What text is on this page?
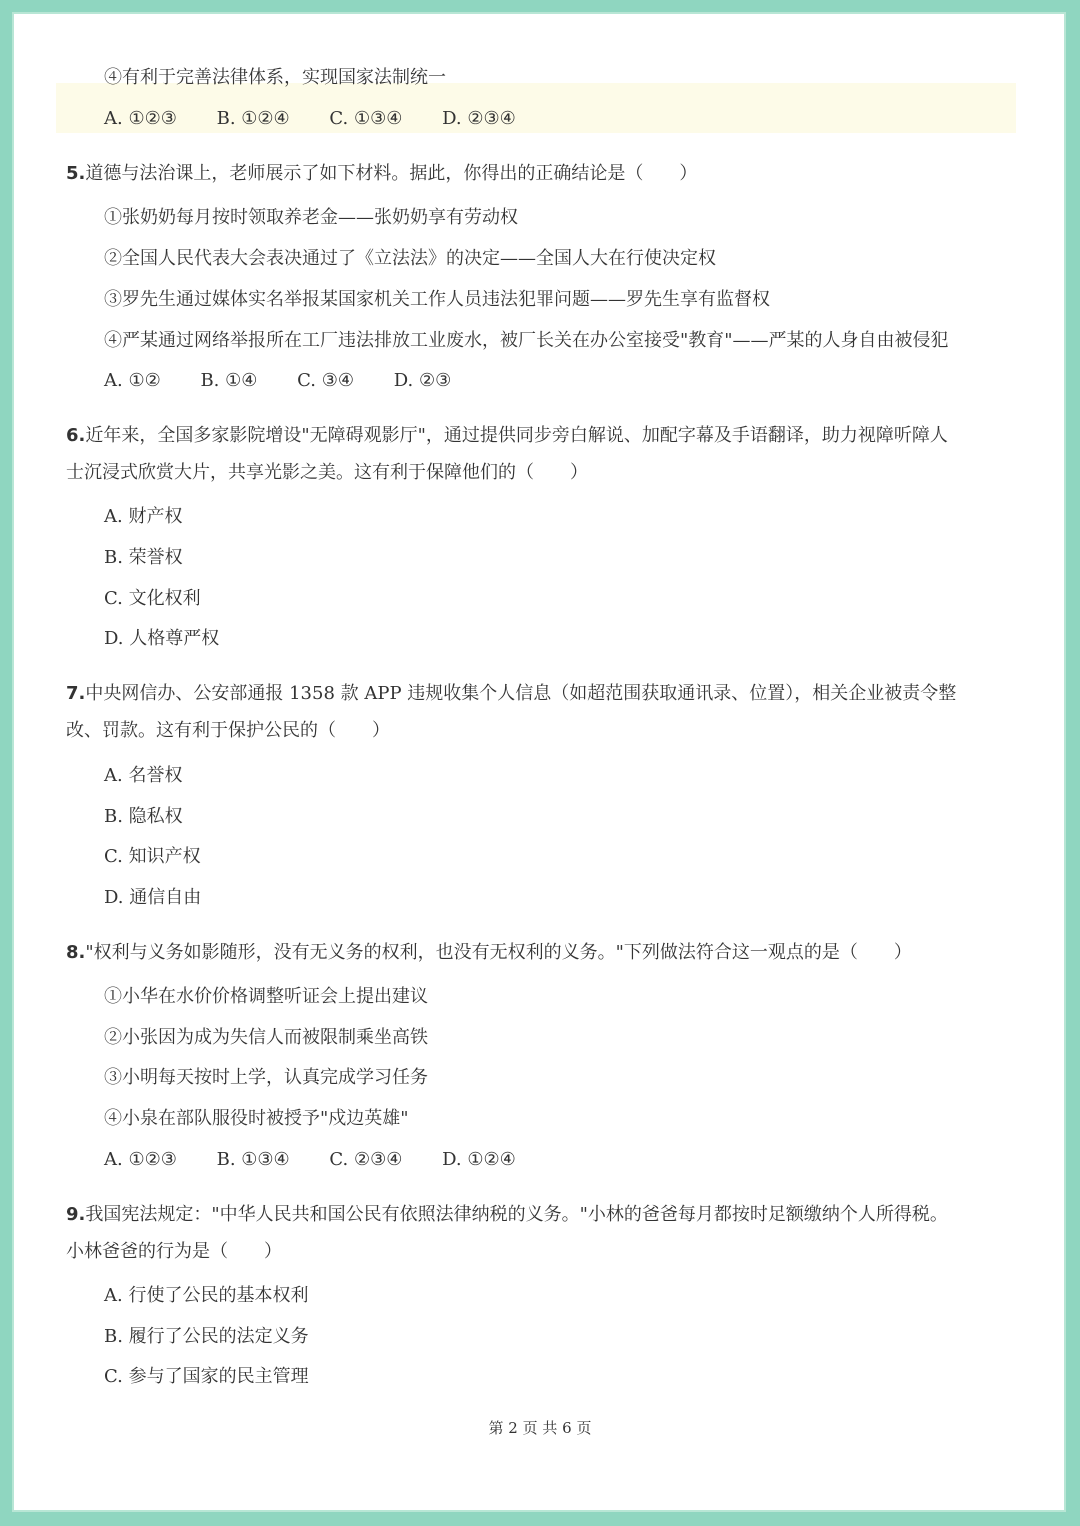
④有利于完善法律体系，实现国家法制统一
A. ①②③ B. ①②④ C. ①③④ D. ②③④
5.道德与法治课上，老师展示了如下材料。据此，你得出的正确结论是（　　）
①张奶奶每月按时领取养老金——张奶奶享有劳动权
②全国人民代表大会表决通过了《立法法》的决定——全国人大在行使决定权
③罗先生通过媒体实名举报某国家机关工作人员违法犯罪问题——罗先生享有监督权
④严某通过网络举报所在工厂违法排放工业废水，被厂长关在办公室接受"教育"——严某的人身自由被侵犯
A. ①② B. ①④ C. ③④ D. ②③
6.近年来，全国多家影院增设"无障碍观影厅"，通过提供同步旁白解说、加配字幕及手语翻译，助力视障听障人
士沉浸式欣赏大片，共享光影之美。这有利于保障他们的（　　）
A. 财产权
B. 荣誉权
C. 文化权利
D. 人格尊严权
7.中央网信办、公安部通报 1358 款 APP 违规收集个人信息（如超范围获取通讯录、位置），相关企业被责令整
改、罚款。这有利于保护公民的（　　）
A. 名誉权
B. 隐私权
C. 知识产权
D. 通信自由
8."权利与义务如影随形，没有无义务的权利，也没有无权利的义务。"下列做法符合这一观点的是（　　）
①小华在水价价格调整听证会上提出建议
②小张因为成为失信人而被限制乘坐高铁
③小明每天按时上学，认真完成学习任务
④小泉在部队服役时被授予"戍边英雄"
A. ①②③ B. ①③④ C. ②③④ D. ①②④
9.我国宪法规定："中华人民共和国公民有依照法律纳税的义务。"小林的爸爸每月都按时足额缴纳个人所得税。
小林爸爸的行为是（　　）
A. 行使了公民的基本权利
B. 履行了公民的法定义务
C. 参与了国家的民主管理
第 2 页 共 6 页
